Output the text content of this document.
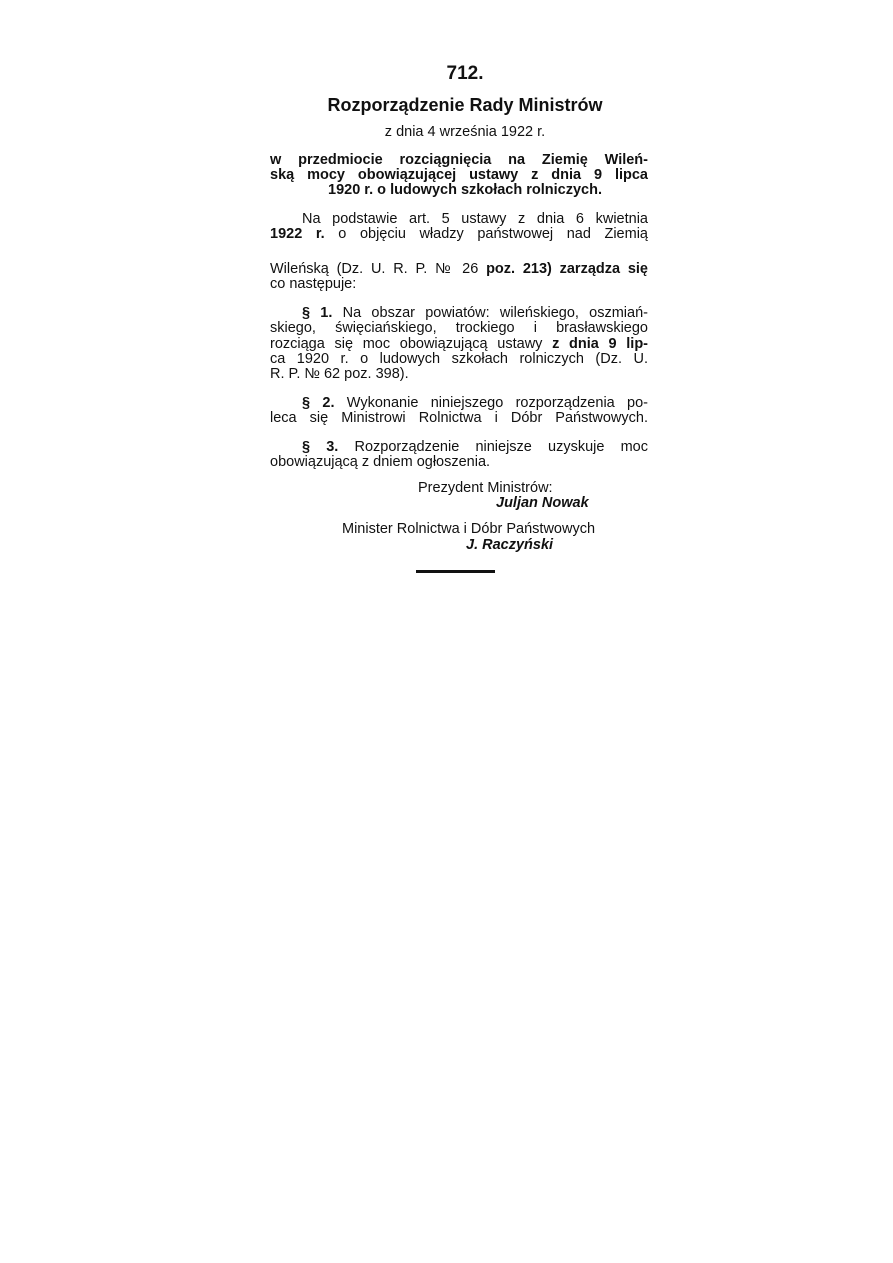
712.
Rozporządzenie Rady Ministrów
z dnia 4 września 1922 r.
w przedmiocie rozciągnięcia na Ziemię Wileń-
ską mocy obowiązującej ustawy z dnia 9 lipca
1920 r. o ludowych szkołach rolniczych.
Na podstawie art. 5 ustawy z dnia 6 kwietnia
1922 r. o objęciu władzy państwowej nad Ziemią
Wileńską (Dz. U. R. P. № 26 poz. 213) zarządza się
co następuje:
§ 1. Na obszar powiatów: wileńskiego, oszmiań-
skiego, święciańskiego, trockiego i brasławskiego
rozciąga się moc obowiązującą ustawy z dnia 9 lip-
ca 1920 r. o ludowych szkołach rolniczych (Dz. U.
R. P. № 62 poz. 398).
§ 2. Wykonanie niniejszego rozporządzenia po-
leca się Ministrowi Rolnictwa i Dóbr Państwowych.
§ 3. Rozporządzenie niniejsze uzyskuje moc
obowiązującą z dniem ogłoszenia.
Prezydent Ministrów:
Juljan Nowak
Minister Rolnictwa i Dóbr Państwowych
J. Raczyński
